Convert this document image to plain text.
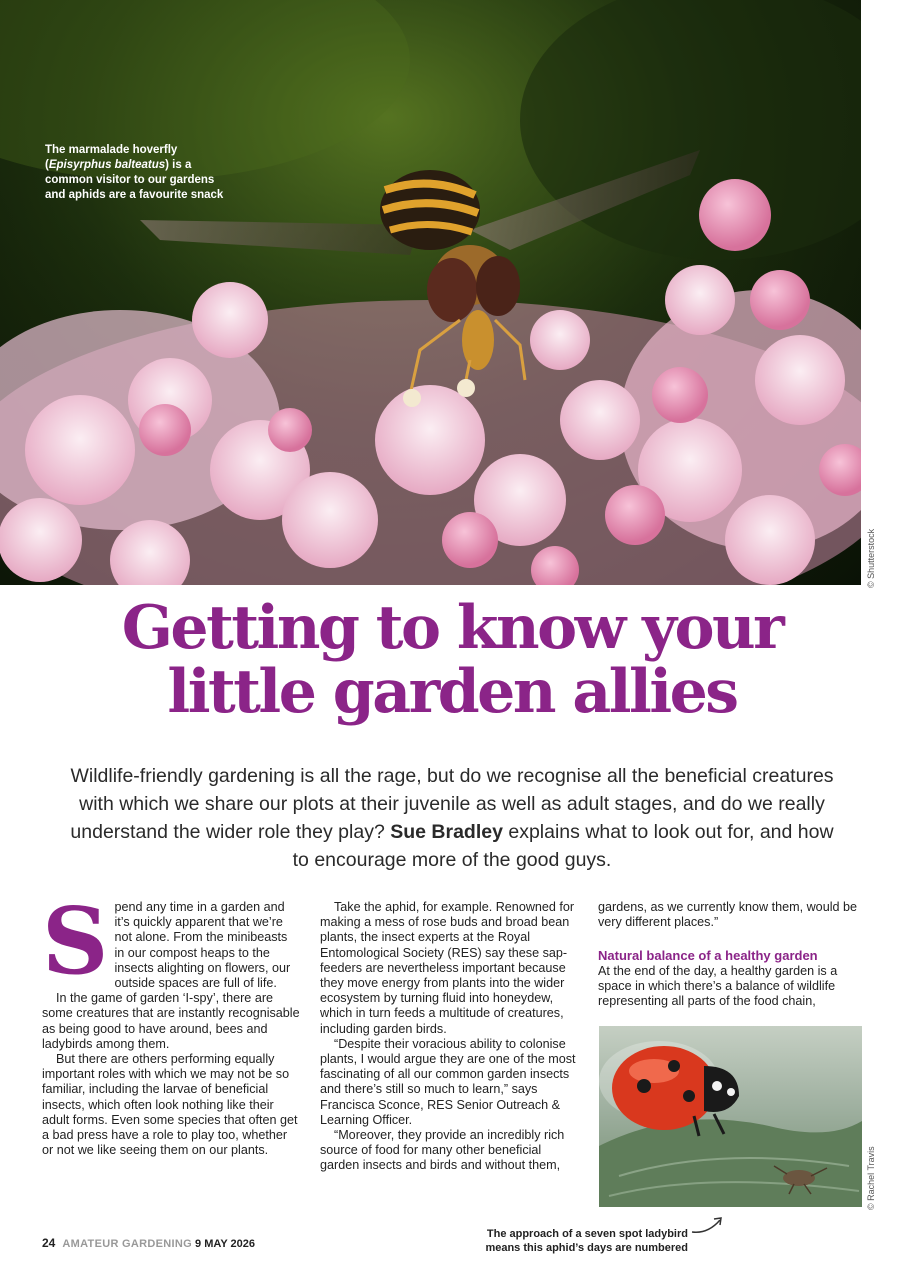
The marmalade hoverfly
(Episyrphus balteatus) is a
common visitor to our gardens
and aphids are a favourite snack
© Shutterstock
Getting to know your
little garden allies
Wildlife-friendly gardening is all the rage, but do we recognise all the beneficial creatures with which we share our plots at their juvenile as well as adult stages, and do we really understand the wider role they play? Sue Bradley explains what to look out for, and how to encourage more of the good guys.

Spend any time in a garden and it’s quickly apparent that we’re not alone. From the minibeasts in our compost heaps to the insects alighting on flowers, our outside spaces are full of life.

In the game of garden ‘I-spy’, there are some creatures that are instantly recognisable as being good to have around, bees and ladybirds among them.

But there are others performing equally important roles with which we may not be so familiar, including the larvae of beneficial insects, which often look nothing like their adult forms. Even some species that often get a bad press have a role to play too, whether or not we like seeing them on our plants.

Take the aphid, for example. Renowned for making a mess of rose buds and broad bean plants, the insect experts at the Royal Entomological Society (RES) say these sap-feeders are nevertheless important because they move energy from plants into the wider ecosystem by turning fluid into honeydew, which in turn feeds a multitude of creatures, including garden birds.

“Despite their voracious ability to colonise plants, I would argue they are one of the most fascinating of all our common garden insects and there’s still so much to learn,” says Francisca Sconce, RES Senior Outreach & Learning Officer.

“Moreover, they provide an incredibly rich source of food for many other beneficial garden insects and birds and without them,

gardens, as we currently know them, would be very different places.”

Natural balance of a healthy garden

At the end of the day, a healthy garden is a space in which there’s a balance of wildlife representing all parts of the food chain,

© Rachel Travis
The approach of a seven spot ladybird
means this aphid’s days are numbered
24 AMATEUR GARDENING 9 MAY 2026
